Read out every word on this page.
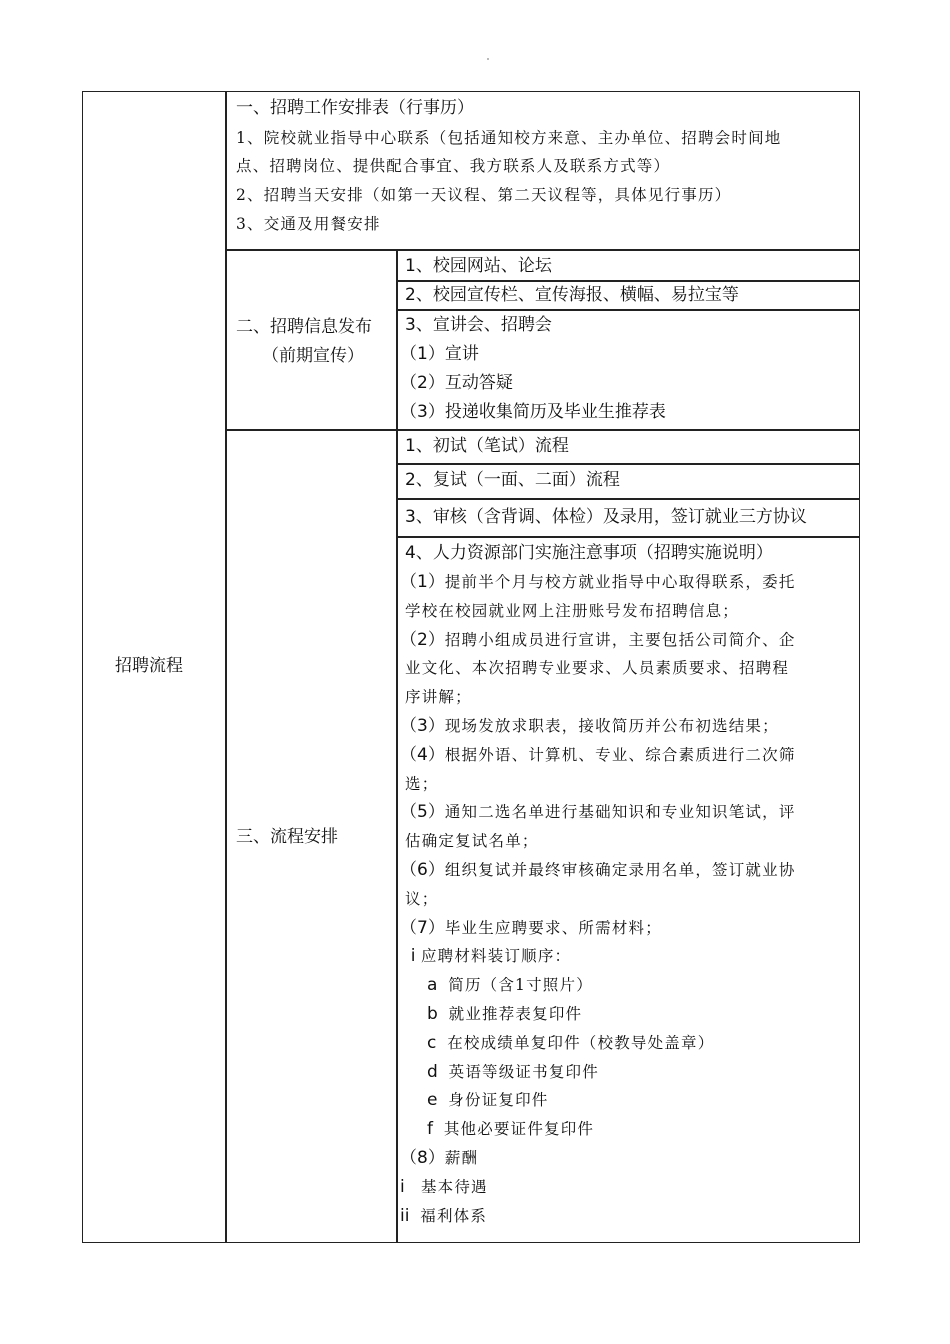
招聘流程
一、招聘工作安排表（行事历）
1、院校就业指导中心联系（包括通知校方来意、主办单位、招聘会时间地
点、招聘岗位、提供配合事宜、我方联系人及联系方式等）
2、招聘当天安排（如第一天议程、第二天议程等，具体见行事历）
3、交通及用餐安排
二、招聘信息发布
（前期宣传）
1、校园网站、论坛
2、校园宣传栏、宣传海报、横幅、易拉宝等
3、宣讲会、招聘会
（1）宣讲
（2）互动答疑
（3）投递收集简历及毕业生推荐表
三、流程安排
1、初试（笔试）流程
2、复试（一面、二面）流程
3、审核（含背调、体检）及录用，签订就业三方协议
4、人力资源部门实施注意事项（招聘实施说明）
（1）提前半个月与校方就业指导中心取得联系，委托
学校在校园就业网上注册账号发布招聘信息；
（2）招聘小组成员进行宣讲，主要包括公司简介、企
业文化、本次招聘专业要求、人员素质要求、招聘程
序讲解；
（3）现场发放求职表，接收简历并公布初选结果；
（4）根据外语、计算机、专业、综合素质进行二次筛
选；
（5）通知二选名单进行基础知识和专业知识笔试，评
估确定复试名单；
（6）组织复试并最终审核确定录用名单，签订就业协
议；
（7）毕业生应聘要求、所需材料；
i 应聘材料装订顺序：
a  简历（含1寸照片）
b  就业推荐表复印件
c  在校成绩单复印件（校教导处盖章）
d  英语等级证书复印件
e  身份证复印件
f  其他必要证件复印件
（8）薪酬
i   基本待遇
ii  福利体系
